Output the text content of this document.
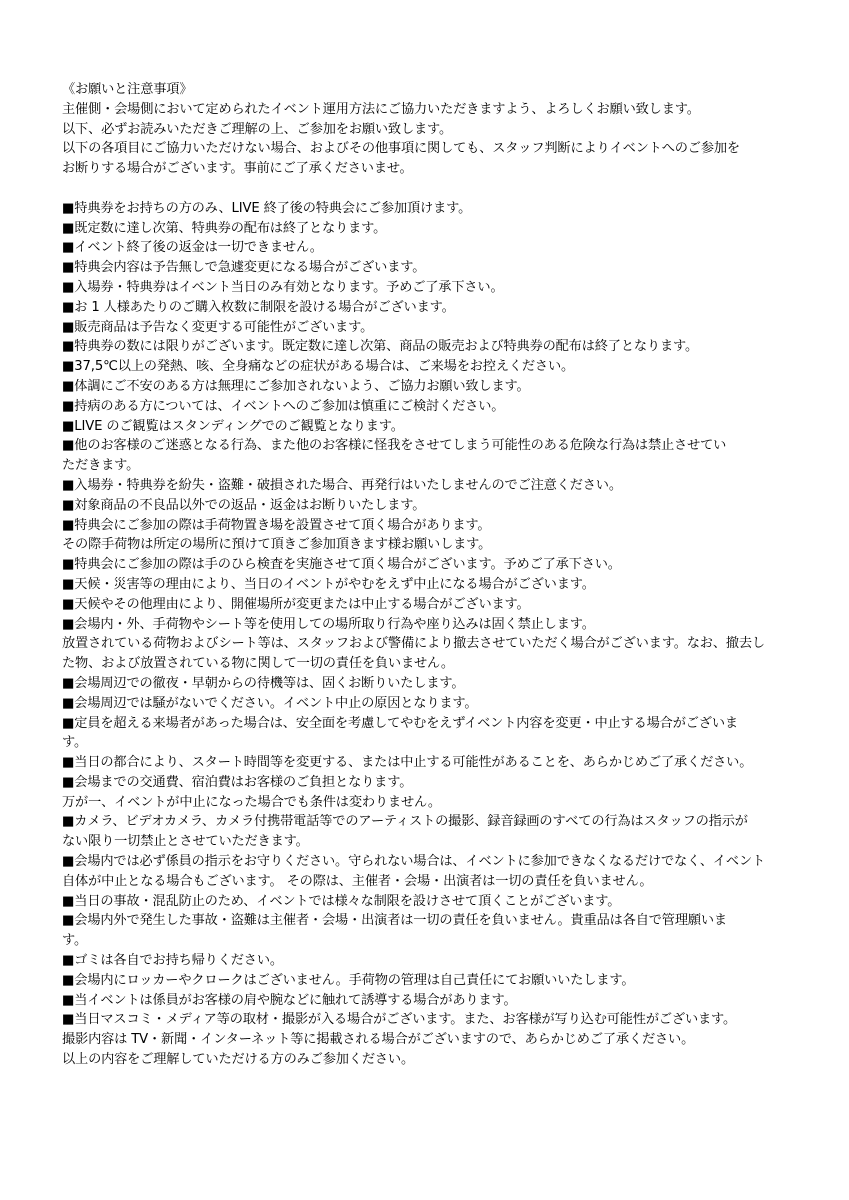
《お願いと注意事項》
主催側・会場側において定められたイベント運用方法にご協力いただきますよう、よろしくお願い致します。
以下、必ずお読みいただきご理解の上、ご参加をお願い致します。
以下の各項目にご協力いただけない場合、およびその他事項に関しても、スタッフ判断によりイベントへのご参加を
お断りする場合がございます。事前にご了承くださいませ。
■特典券をお持ちの方のみ、LIVE 終了後の特典会にご参加頂けます。
■既定数に達し次第、特典券の配布は終了となります。
■イベント終了後の返金は一切できません。
■特典会内容は予告無しで急遽変更になる場合がございます。
■入場券・特典券はイベント当日のみ有効となります。予めご了承下さい。
■お 1 人様あたりのご購入枚数に制限を設ける場合がございます。
■販売商品は予告なく変更する可能性がございます。
■特典券の数には限りがございます。既定数に達し次第、商品の販売および特典券の配布は終了となります。
■37,5℃以上の発熱、咳、全身痛などの症状がある場合は、ご来場をお控えください。
■体調にご不安のある方は無理にご参加されないよう、ご協力お願い致します。
■持病のある方については、イベントへのご参加は慎重にご検討ください。
■LIVE のご観覧はスタンディングでのご観覧となります。
■他のお客様のご迷惑となる行為、また他のお客様に怪我をさせてしまう可能性のある危険な行為は禁止させてい
ただきます。
■入場券・特典券を紛失・盗難・破損された場合、再発行はいたしませんのでご注意ください。
■対象商品の不良品以外での返品・返金はお断りいたします。
■特典会にご参加の際は手荷物置き場を設置させて頂く場合があります。
その際手荷物は所定の場所に預けて頂きご参加頂きます様お願いします。
■特典会にご参加の際は手のひら検査を実施させて頂く場合がございます。予めご了承下さい。
■天候・災害等の理由により、当日のイベントがやむをえず中止になる場合がございます。
■天候やその他理由により、開催場所が変更または中止する場合がございます。
■会場内・外、手荷物やシート等を使用しての場所取り行為や座り込みは固く禁止します。
放置されている荷物およびシート等は、スタッフおよび警備により撤去させていただく場合がございます。なお、撤去し
た物、および放置されている物に関して一切の責任を負いません。
■会場周辺での徹夜・早朝からの待機等は、固くお断りいたします。
■会場周辺では騒がないでください。イベント中止の原因となります。
■定員を超える来場者があった場合は、安全面を考慮してやむをえずイベント内容を変更・中止する場合がございま
す。
■当日の都合により、スタート時間等を変更する、または中止する可能性があることを、あらかじめご了承ください。
■会場までの交通費、宿泊費はお客様のご負担となります。
万が一、イベントが中止になった場合でも条件は変わりません。
■カメラ、ビデオカメラ、カメラ付携帯電話等でのアーティストの撮影、録音録画のすべての行為はスタッフの指示が
ない限り一切禁止とさせていただきます。
■会場内では必ず係員の指示をお守りください。守られない場合は、イベントに参加できなくなるだけでなく、イベント
自体が中止となる場合もございます。 その際は、主催者・会場・出演者は一切の責任を負いません。
■当日の事故・混乱防止のため、イベントでは様々な制限を設けさせて頂くことがございます。
■会場内外で発生した事故・盗難は主催者・会場・出演者は一切の責任を負いません。貴重品は各自で管理願いま
す。
■ゴミは各自でお持ち帰りください。
■会場内にロッカーやクロークはございません。手荷物の管理は自己責任にてお願いいたします。
■当イベントは係員がお客様の肩や腕などに触れて誘導する場合があります。
■当日マスコミ・メディア等の取材・撮影が入る場合がございます。また、お客様が写り込む可能性がございます。
撮影内容は TV・新聞・インターネット等に掲載される場合がございますので、あらかじめご了承ください。
以上の内容をご理解していただける方のみご参加ください。
